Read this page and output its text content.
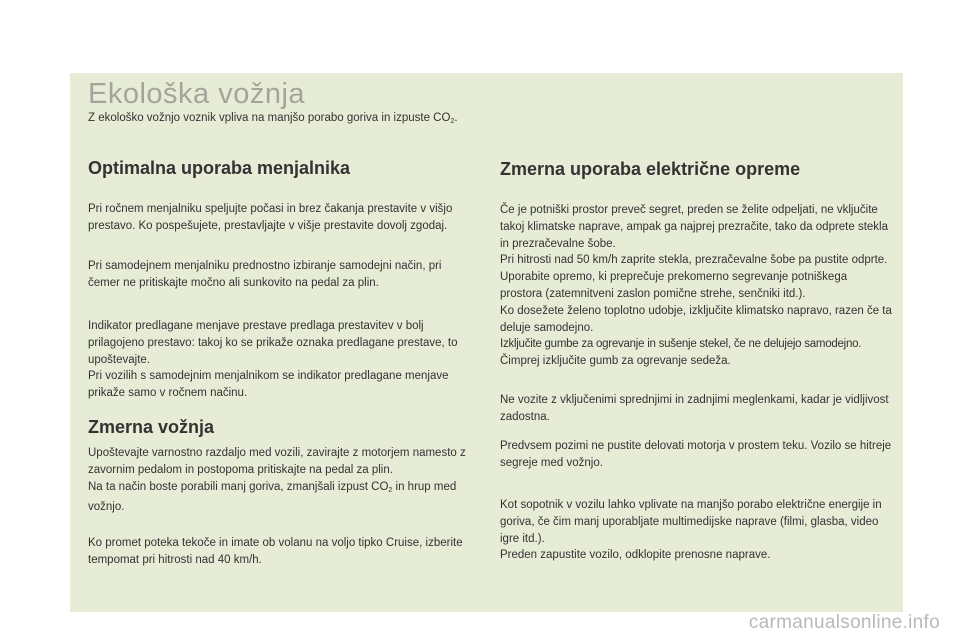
Ekološka vožnja
Z ekološko vožnjo voznik vpliva na manjšo porabo goriva in izpuste $CO_2$.
Optimalna uporaba menjalnika

Pri ročnem menjalniku speljujte počasi in brez čakanja prestavite v višjo prestavo. Ko pospešujete, prestavljajte v višje prestavite dovolj zgodaj.

Pri samodejnem menjalniku prednostno izbiranje samodejni način, pri čemer ne pritiskajte močno ali sunkovito na pedal za plin.

Indikator predlagane menjave prestave predlaga prestavitev v bolj prilagojeno prestavo: takoj ko se prikaže oznaka predlagane prestave, to upoštevajte.
Pri vozilih s samodejnim menjalnikom se indikator predlagane menjave prikaže samo v ročnem načinu.

Zmerna vožnja

Upoštevajte varnostno razdaljo med vozili, zavirajte z motorjem namesto z zavornim pedalom in postopoma pritiskajte na pedal za plin.
Na ta način boste porabili manj goriva, zmanjšali izpust $CO_2$ in hrup med vožnjo.

Ko promet poteka tekoče in imate ob volanu na voljo tipko Cruise, izberite tempomat pri hitrosti nad 40 km/h.

Zmerna uporaba električne opreme

Če je potniški prostor preveč segret, preden se želite odpeljati, ne vključite takoj klimatske naprave, ampak ga najprej prezračite, tako da odprete stekla in prezračevalne šobe.
Pri hitrosti nad 50 km/h zaprite stekla, prezračevalne šobe pa pustite odprte.
Uporabite opremo, ki preprečuje prekomerno segrevanje potniškega prostora (zatemnitveni zaslon pomične strehe, senčniki itd.).
Ko dosežete želeno toplotno udobje, izključite klimatsko napravo, razen če ta deluje samodejno.
Izključite gumbe za ogrevanje in sušenje stekel, če ne delujejo samodejno.
Čimprej izključite gumb za ogrevanje sedeža.

Ne vozite z vključenimi sprednjimi in zadnjimi meglenkami, kadar je vidljivost zadostna.

Predvsem pozimi ne pustite delovati motorja v prostem teku. Vozilo se hitreje segreje med vožnjo.

Kot sopotnik v vozilu lahko vplivate na manjšo porabo električne energije in goriva, če čim manj uporabljate multimedijske naprave (filmi, glasba, video igre itd.).
Preden zapustite vozilo, odklopite prenosne naprave.

carmanualsonline.info
